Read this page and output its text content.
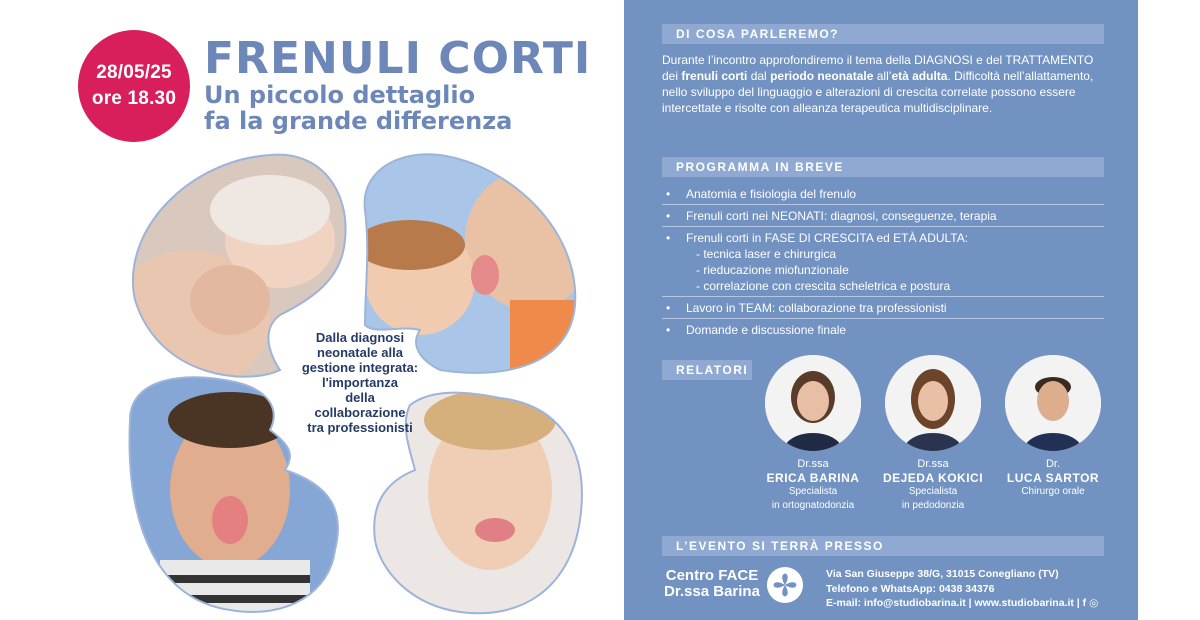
28/05/25
ore 18.30
FRENULI CORTI
Un piccolo dettaglio
fa la grande differenza
Dalla diagnosi
neonatale alla
gestione integrata:
l'importanza
della
collaborazione
tra professionisti
DI COSA PARLEREMO?
Durante l’incontro approfondiremo il tema della DIAGNOSI e del TRATTAMENTO dei frenuli corti dal periodo neonatale all’età adulta. Difficoltà nell’allattamento, nello sviluppo del linguaggio e alterazioni di crescita correlate possono essere intercettate e risolte con alleanza terapeutica multidisciplinare.
PROGRAMMA IN BREVE
• Anatomia e fisiologia del frenulo
• Frenuli corti nei NEONATI: diagnosi, conseguenze, terapia
• Frenuli corti in FASE DI CRESCITA ed ETÀ ADULTA:
- tecnica laser e chirurgica
- rieducazione miofunzionale
- correlazione con crescita scheletrica e postura
• Lavoro in TEAM: collaborazione tra professionisti
• Domande e discussione finale
RELATORI
Dr.ssa
ERICA BARINA
Specialista
in ortognatodonzia
Dr.ssa
DEJEDA KOKICI
Specialista
in pedodonzia
Dr.
LUCA SARTOR
Chirurgo orale
L’EVENTO SI TERRÀ PRESSO
Centro FACE
Dr.ssa Barina
Via San Giuseppe 38/G, 31015 Conegliano (TV)
Telefono e WhatsApp: 0438 34376
E-mail: info@studiobarina.it | www.studiobarina.it | f ◎
